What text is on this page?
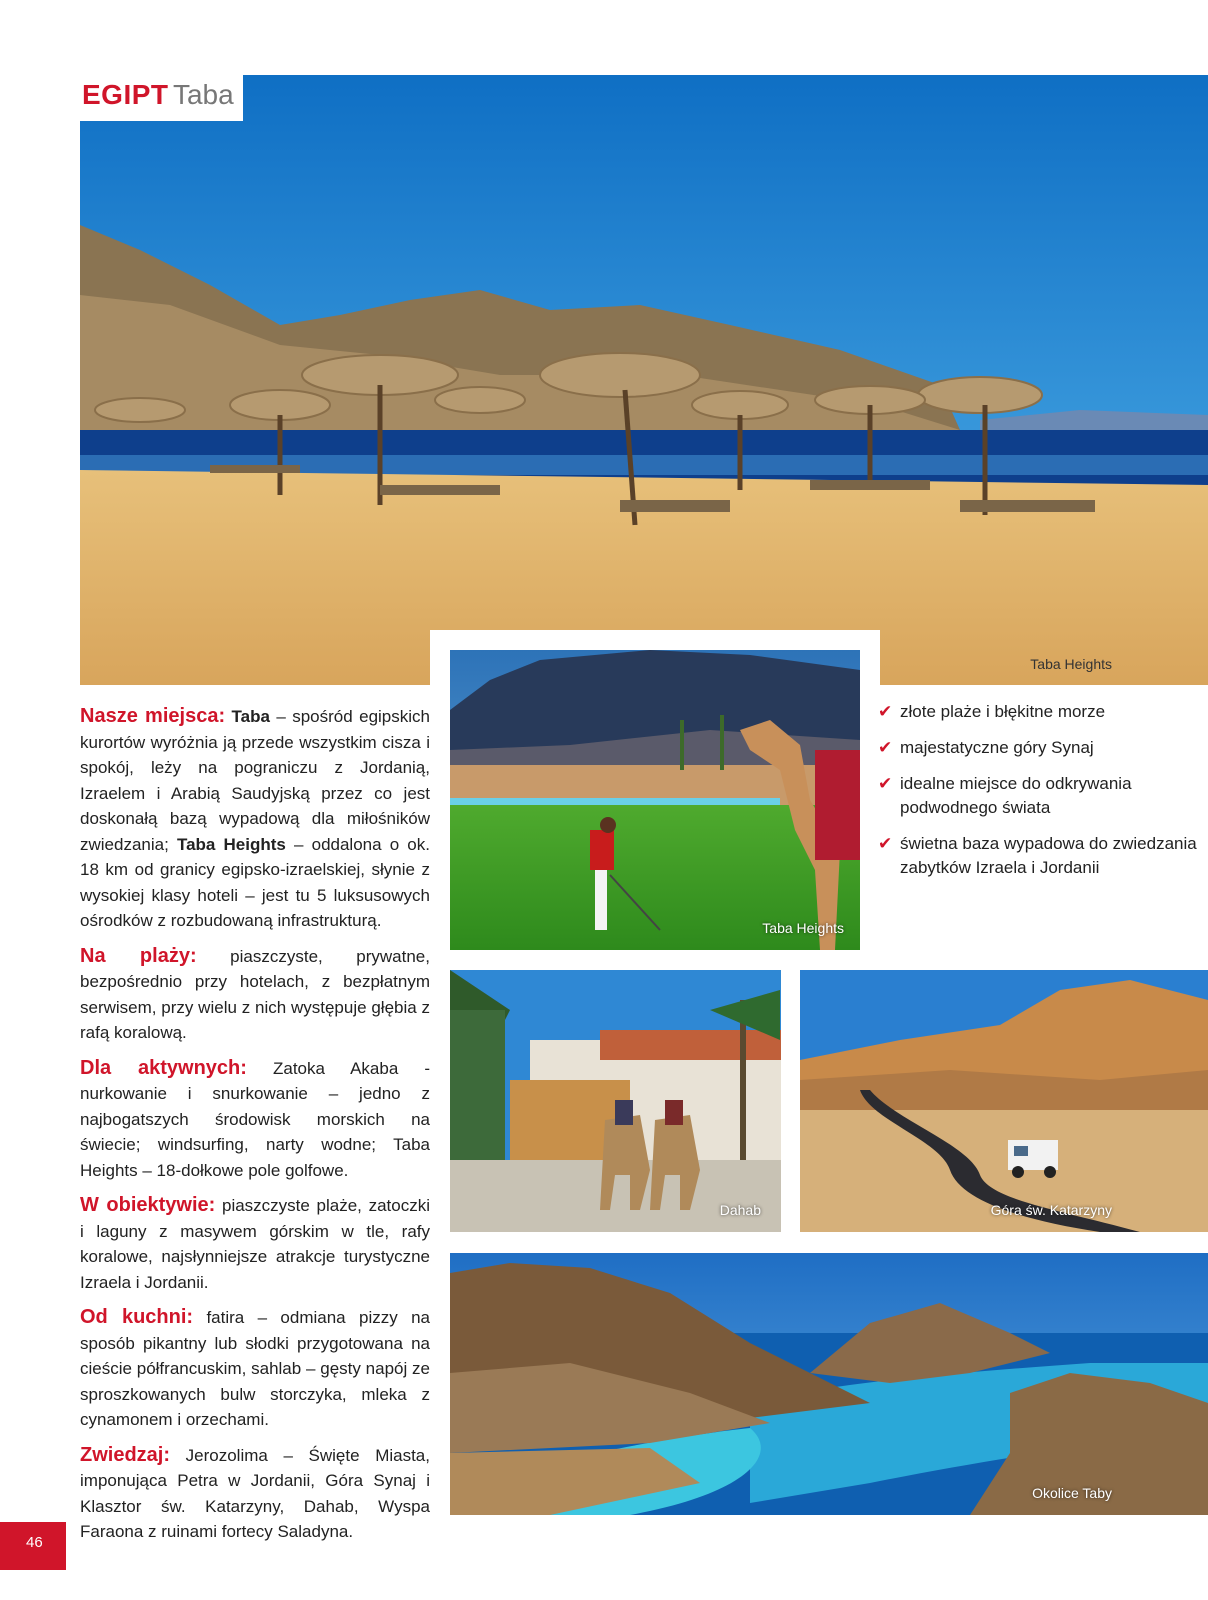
EGIPT Taba
Taba Heights
Taba Heights
✔ złote plaże i błękitne morze
✔ majestatyczne góry Synaj
✔ idealne miejsce do odkrywania podwodnego świata
✔ świetna baza wypadowa do zwiedzania zabytków Izraela i Jordanii
Dahab	Góra św. Katarzyny
Okolice Taby

Nasze miejsca: Taba – spośród egipskich kurortów wyróżnia ją przede wszystkim cisza i spokój, leży na pograniczu z Jordanią, Izraelem i Arabią Saudyjską przez co jest doskonałą bazą wypadową dla miłośników zwiedzania; Taba Heights – oddalona o ok. 18 km od granicy egipsko-izraelskiej, słynie z wysokiej klasy hoteli – jest tu 5 luksusowych ośrodków z rozbudowaną infrastrukturą.

Na plaży: piaszczyste, prywatne, bezpośrednio przy hotelach, z bezpłatnym serwisem, przy wielu z nich występuje głębia z rafą koralową.

Dla aktywnych: Zatoka Akaba - nurkowanie i snurkowanie – jedno z najbogatszych środowisk morskich na świecie; windsurfing, narty wodne; Taba Heights – 18-dołkowe pole golfowe.

W obiektywie: piaszczyste plaże, zatoczki i laguny z masywem górskim w tle, rafy koralowe, najsłynniejsze atrakcje turystyczne Izraela i Jordanii.

Od kuchni: fatira – odmiana pizzy na sposób pikantny lub słodki przygotowana na cieście półfrancuskim, sahlab – gęsty napój ze sproszkowanych bulw storczyka, mleka z cynamonem i orzechami.

Zwiedzaj: Jerozolima – Święte Miasta, imponująca Petra w Jordanii, Góra Synaj i Klasztor św. Katarzyny, Dahab, Wyspa Faraona z ruinami fortecy Saladyna.

46
